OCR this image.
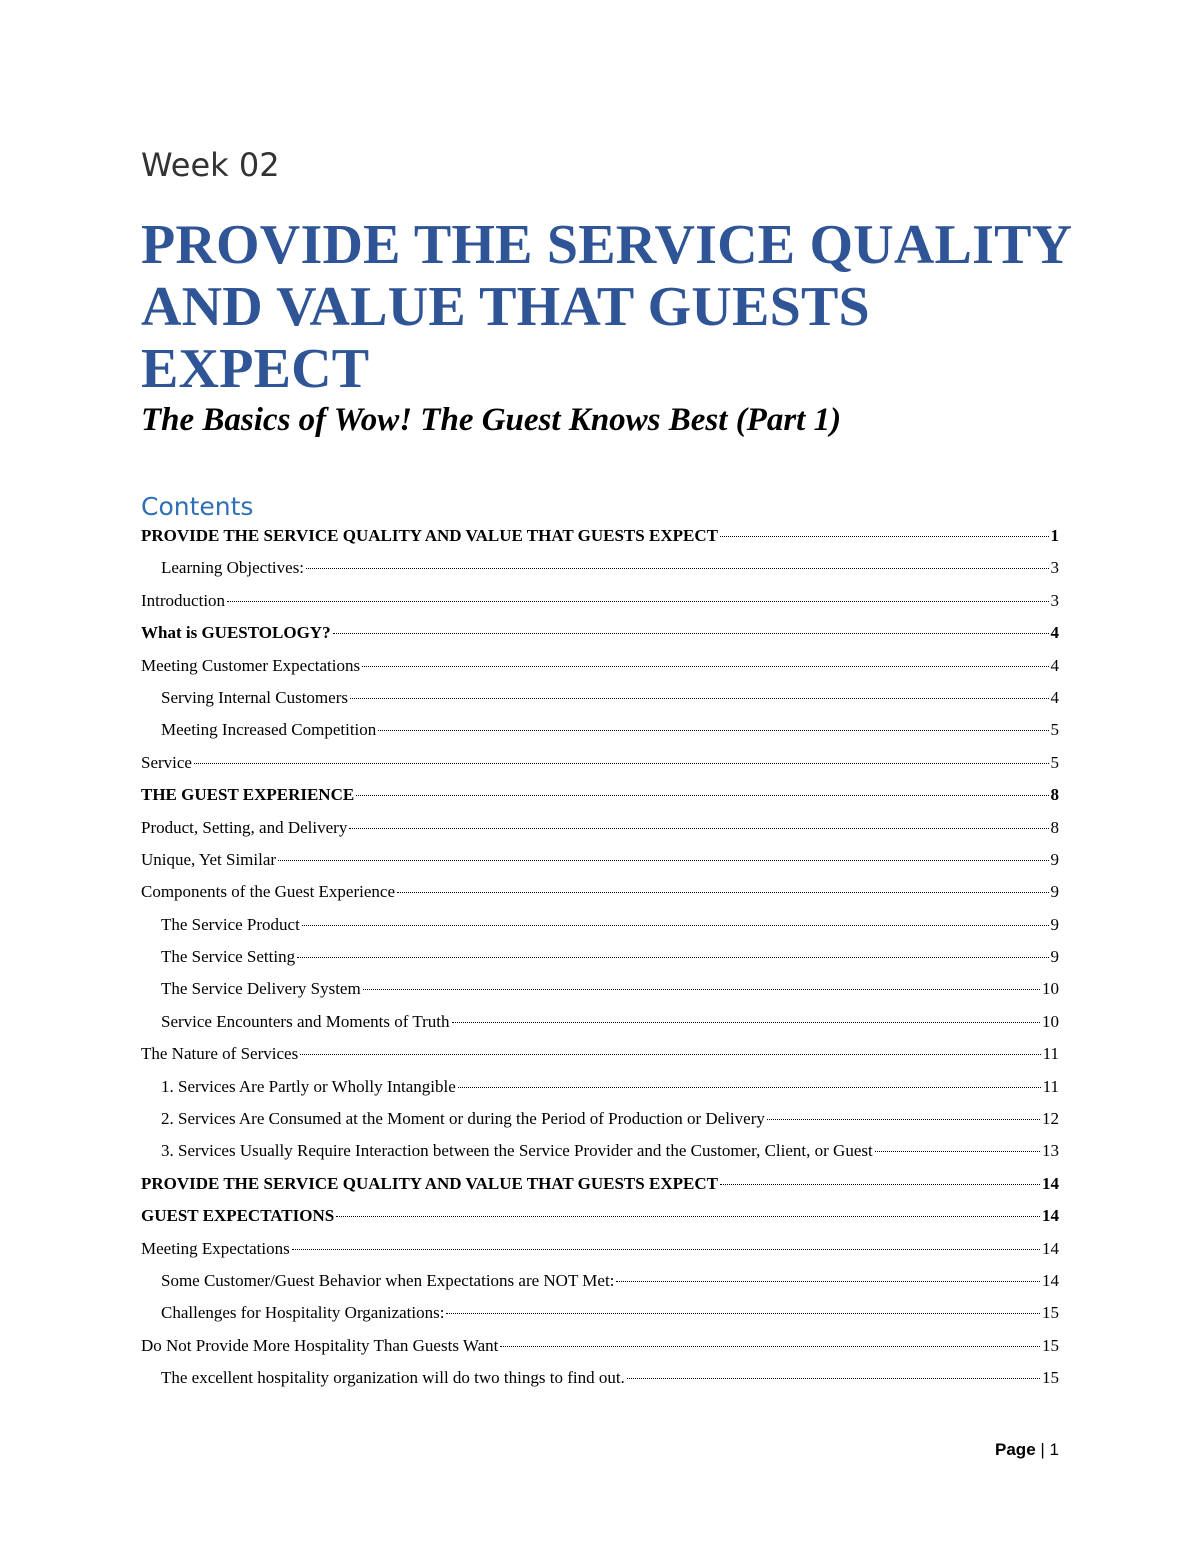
Week 02
PROVIDE THE SERVICE QUALITY AND VALUE THAT GUESTS EXPECT
The Basics of Wow! The Guest Knows Best (Part 1)
Contents
PROVIDE THE SERVICE QUALITY AND VALUE THAT GUESTS EXPECT	1
Learning Objectives:	3
Introduction	3
What is GUESTOLOGY?	4
Meeting Customer Expectations	4
Serving Internal Customers	4
Meeting Increased Competition	5
Service	5
THE GUEST EXPERIENCE	8
Product, Setting, and Delivery	8
Unique, Yet Similar	9
Components of the Guest Experience	9
The Service Product	9
The Service Setting	9
The Service Delivery System	10
Service Encounters and Moments of Truth	10
The Nature of Services	11
1. Services Are Partly or Wholly Intangible	11
2. Services Are Consumed at the Moment or during the Period of Production or Delivery	12
3. Services Usually Require Interaction between the Service Provider and the Customer, Client, or Guest	13
PROVIDE THE SERVICE QUALITY AND VALUE THAT GUESTS EXPECT	14
GUEST EXPECTATIONS	14
Meeting Expectations	14
Some Customer/Guest Behavior when Expectations are NOT Met:	14
Challenges for Hospitality Organizations:	15
Do Not Provide More Hospitality Than Guests Want	15
The excellent hospitality organization will do two things to find out.	15
Page | 1
